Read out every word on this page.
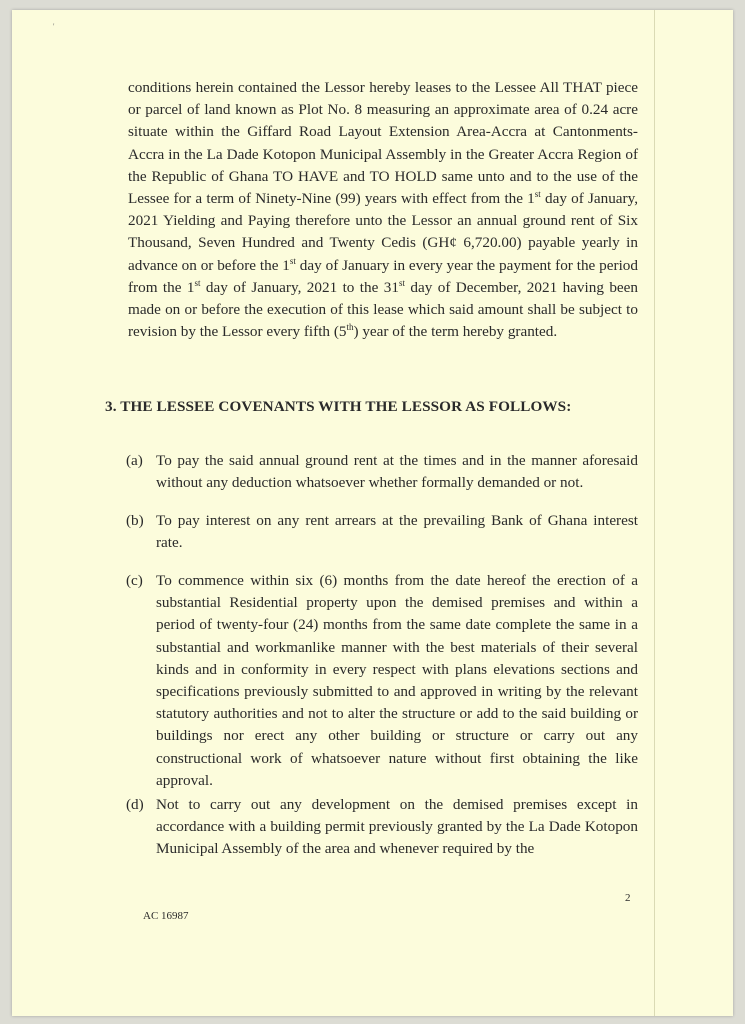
'
conditions herein contained the Lessor hereby leases to the Lessee All THAT piece or parcel of land known as Plot No. 8 measuring an approximate area of 0.24 acre situate within the Giffard Road Layout Extension Area-Accra at Cantonments-Accra in the La Dade Kotopon Municipal Assembly in the Greater Accra Region of the Republic of Ghana TO HAVE and TO HOLD same unto and to the use of the Lessee for a term of Ninety-Nine (99) years with effect from the 1st day of January, 2021 Yielding and Paying therefore unto the Lessor an annual ground rent of Six Thousand, Seven Hundred and Twenty Cedis (GH¢ 6,720.00) payable yearly in advance on or before the 1st day of January in every year the payment for the period from the 1st day of January, 2021 to the 31st day of December, 2021 having been made on or before the execution of this lease which said amount shall be subject to revision by the Lessor every fifth (5th) year of the term hereby granted.
3. THE LESSEE COVENANTS WITH THE LESSOR AS FOLLOWS:
(a) To pay the said annual ground rent at the times and in the manner aforesaid without any deduction whatsoever whether formally demanded or not.
(b) To pay interest on any rent arrears at the prevailing Bank of Ghana interest rate.
(c) To commence within six (6) months from the date hereof the erection of a substantial Residential property upon the demised premises and within a period of twenty-four (24) months from the same date complete the same in a substantial and workmanlike manner with the best materials of their several kinds and in conformity in every respect with plans elevations sections and specifications previously submitted to and approved in writing by the relevant statutory authorities and not to alter the structure or add to the said building or buildings nor erect any other building or structure or carry out any constructional work of whatsoever nature without first obtaining the like approval.
(d) Not to carry out any development on the demised premises except in accordance with a building permit previously granted by the La Dade Kotopon Municipal Assembly of the area and whenever required by the
2
AC 16987
